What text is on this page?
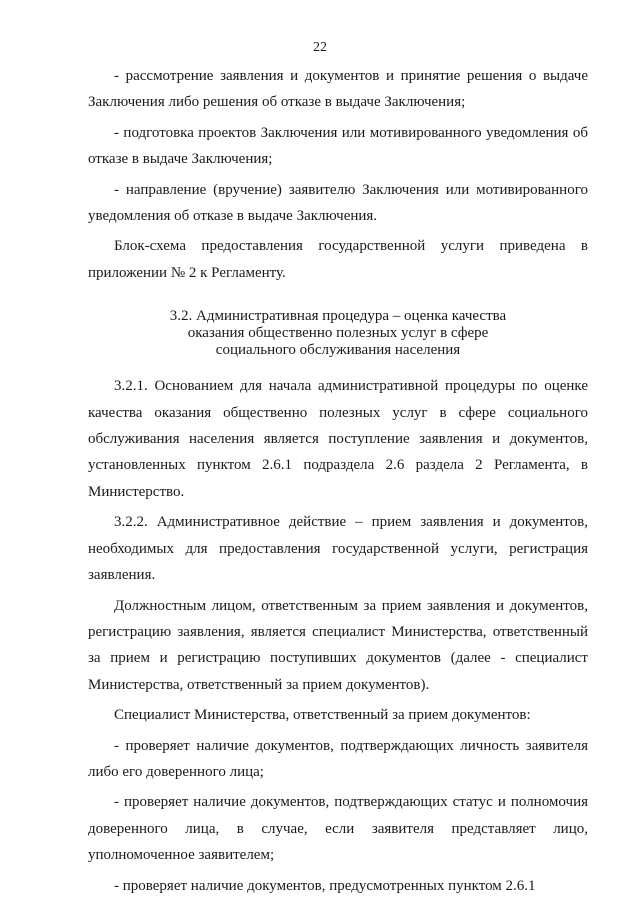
22

- рассмотрение заявления и документов и принятие решения о выдаче Заключения либо решения об отказе в выдаче Заключения;

- подготовка проектов Заключения или мотивированного уведомления об отказе в выдаче Заключения;

- направление (вручение) заявителю Заключения или мотивированного уведомления об отказе в выдаче Заключения.

Блок-схема предоставления государственной услуги приведена в приложении № 2 к Регламенту.

3.2. Административная процедура – оценка качества
оказания общественно полезных услуг в сфере
социального обслуживания населения

3.2.1. Основанием для начала административной процедуры по оценке качества оказания общественно полезных услуг в сфере социального обслуживания населения является поступление заявления и документов, установленных пунктом 2.6.1 подраздела 2.6 раздела 2 Регламента, в Министерство.

3.2.2. Административное действие – прием заявления и документов, необходимых для предоставления государственной услуги, регистрация заявления.

Должностным лицом, ответственным за прием заявления и документов, регистрацию заявления, является специалист Министерства, ответственный за прием и регистрацию поступивших документов (далее - специалист Министерства, ответственный за прием документов).

Специалист Министерства, ответственный за прием документов:

- проверяет наличие документов, подтверждающих личность заявителя либо его доверенного лица;

- проверяет наличие документов, подтверждающих статус и полномочия доверенного лица, в случае, если заявителя представляет лицо, уполномоченное заявителем;

- проверяет наличие документов, предусмотренных пунктом 2.6.1
